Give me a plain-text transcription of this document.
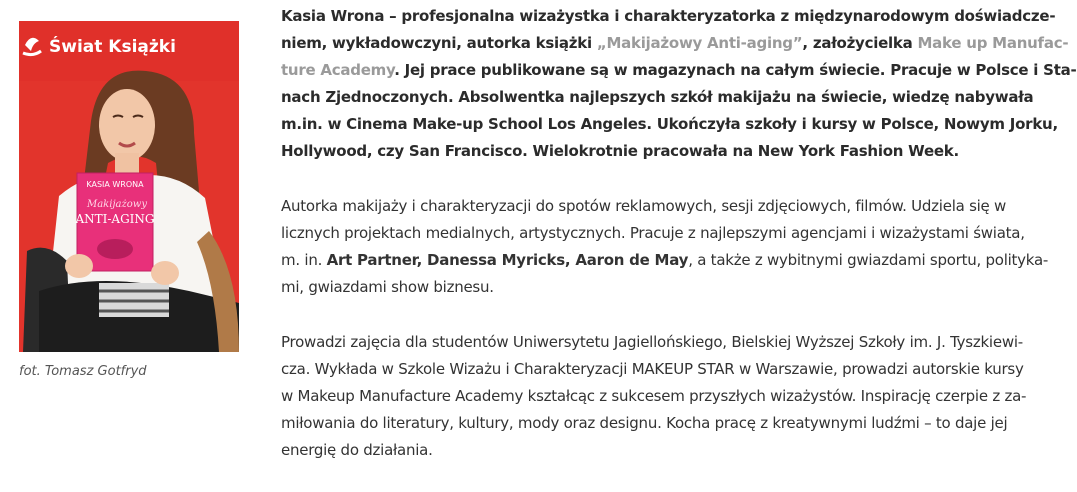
Świat Książki
KASIA WRONA
Makijażowy
ANTI-AGING
fot. Tomasz Gotfryd

Kasia Wrona – profesjonalna wizażystka i charakteryzatorka z międzynarodowym doświadcze-
niem, wykładowczyni, autorka książki „Makijażowy Anti-aging”, założycielka Make up Manufac-
ture Academy. Jej prace publikowane są w magazynach na całym świecie. Pracuje w Polsce i Sta-
nach Zjednoczonych. Absolwentka najlepszych szkół makijażu na świecie, wiedzę nabywała
m.in. w Cinema Make-up School Los Angeles. Ukończyła szkoły i kursy w Polsce, Nowym Jorku,
Hollywood, czy San Francisco. Wielokrotnie pracowała na New York Fashion Week.

Autorka makijaży i charakteryzacji do spotów reklamowych, sesji zdjęciowych, filmów. Udziela się w
licznych projektach medialnych, artystycznych. Pracuje z najlepszymi agencjami i wizażystami świata,
m. in. Art Partner, Danessa Myricks, Aaron de May, a także z wybitnymi gwiazdami sportu, polityka-
mi, gwiazdami show biznesu.

Prowadzi zajęcia dla studentów Uniwersytetu Jagiellońskiego, Bielskiej Wyższej Szkoły im. J. Tyszkiewi-
cza. Wykłada w Szkole Wizażu i Charakteryzacji MAKEUP STAR w Warszawie, prowadzi autorskie kursy
w Makeup Manufacture Academy kształcąc z sukcesem przyszłych wizażystów. Inspirację czerpie z za-
miłowania do literatury, kultury, mody oraz designu. Kocha pracę z kreatywnymi ludźmi – to daje jej
energię do działania.
